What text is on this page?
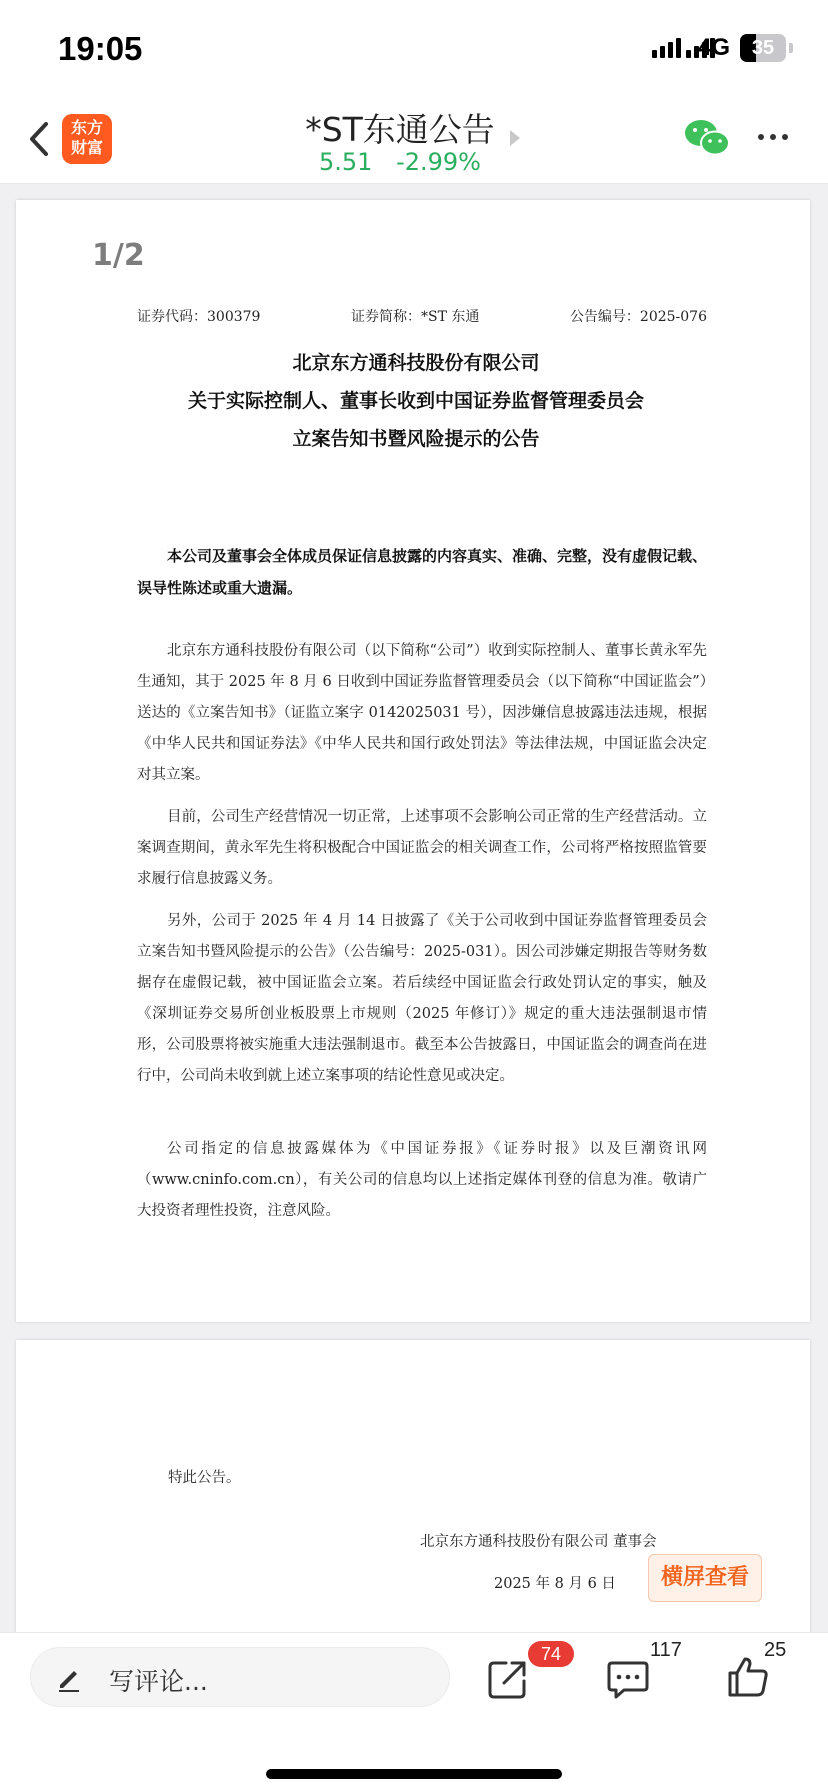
19:05	4G	35
东方
财富	*ST东通公告
5.51 -2.99%
1/2
证券代码：300379	证券简称：*ST 东通	公告编号：2025-076
北京东方通科技股份有限公司
关于实际控制人、董事长收到中国证券监督管理委员会
立案告知书暨风险提示的公告
本公司及董事会全体成员保证信息披露的内容真实、准确、完整，没有虚假记载、误导性陈述或重大遗漏。
北京东方通科技股份有限公司（以下简称“公司”）收到实际控制人、董事长黄永军先生通知，其于 2025 年 8 月 6 日收到中国证券监督管理委员会（以下简称“中国证监会”）送达的《立案告知书》（证监立案字 0142025031 号），因涉嫌信息披露违法违规，根据《中华人民共和国证券法》《中华人民共和国行政处罚法》等法律法规，中国证监会决定对其立案。
目前，公司生产经营情况一切正常，上述事项不会影响公司正常的生产经营活动。立案调查期间，黄永军先生将积极配合中国证监会的相关调查工作，公司将严格按照监管要求履行信息披露义务。
另外，公司于 2025 年 4 月 14 日披露了《关于公司收到中国证券监督管理委员会立案告知书暨风险提示的公告》（公告编号：2025-031）。因公司涉嫌定期报告等财务数据存在虚假记载，被中国证监会立案。若后续经中国证监会行政处罚认定的事实，触及《深圳证券交易所创业板股票上市规则（2025 年修订）》规定的重大违法强制退市情形，公司股票将被实施重大违法强制退市。截至本公告披露日，中国证监会的调查尚在进行中，公司尚未收到就上述立案事项的结论性意见或决定。
公司指定的信息披露媒体为《中国证券报》《证券时报》以及巨潮资讯网（www.cninfo.com.cn），有关公司的信息均以上述指定媒体刊登的信息为准。敬请广大投资者理性投资，注意风险。
特此公告。
北京东方通科技股份有限公司 董事会
2025 年 8 月 6 日	横屏查看
写评论...
74	117	25
